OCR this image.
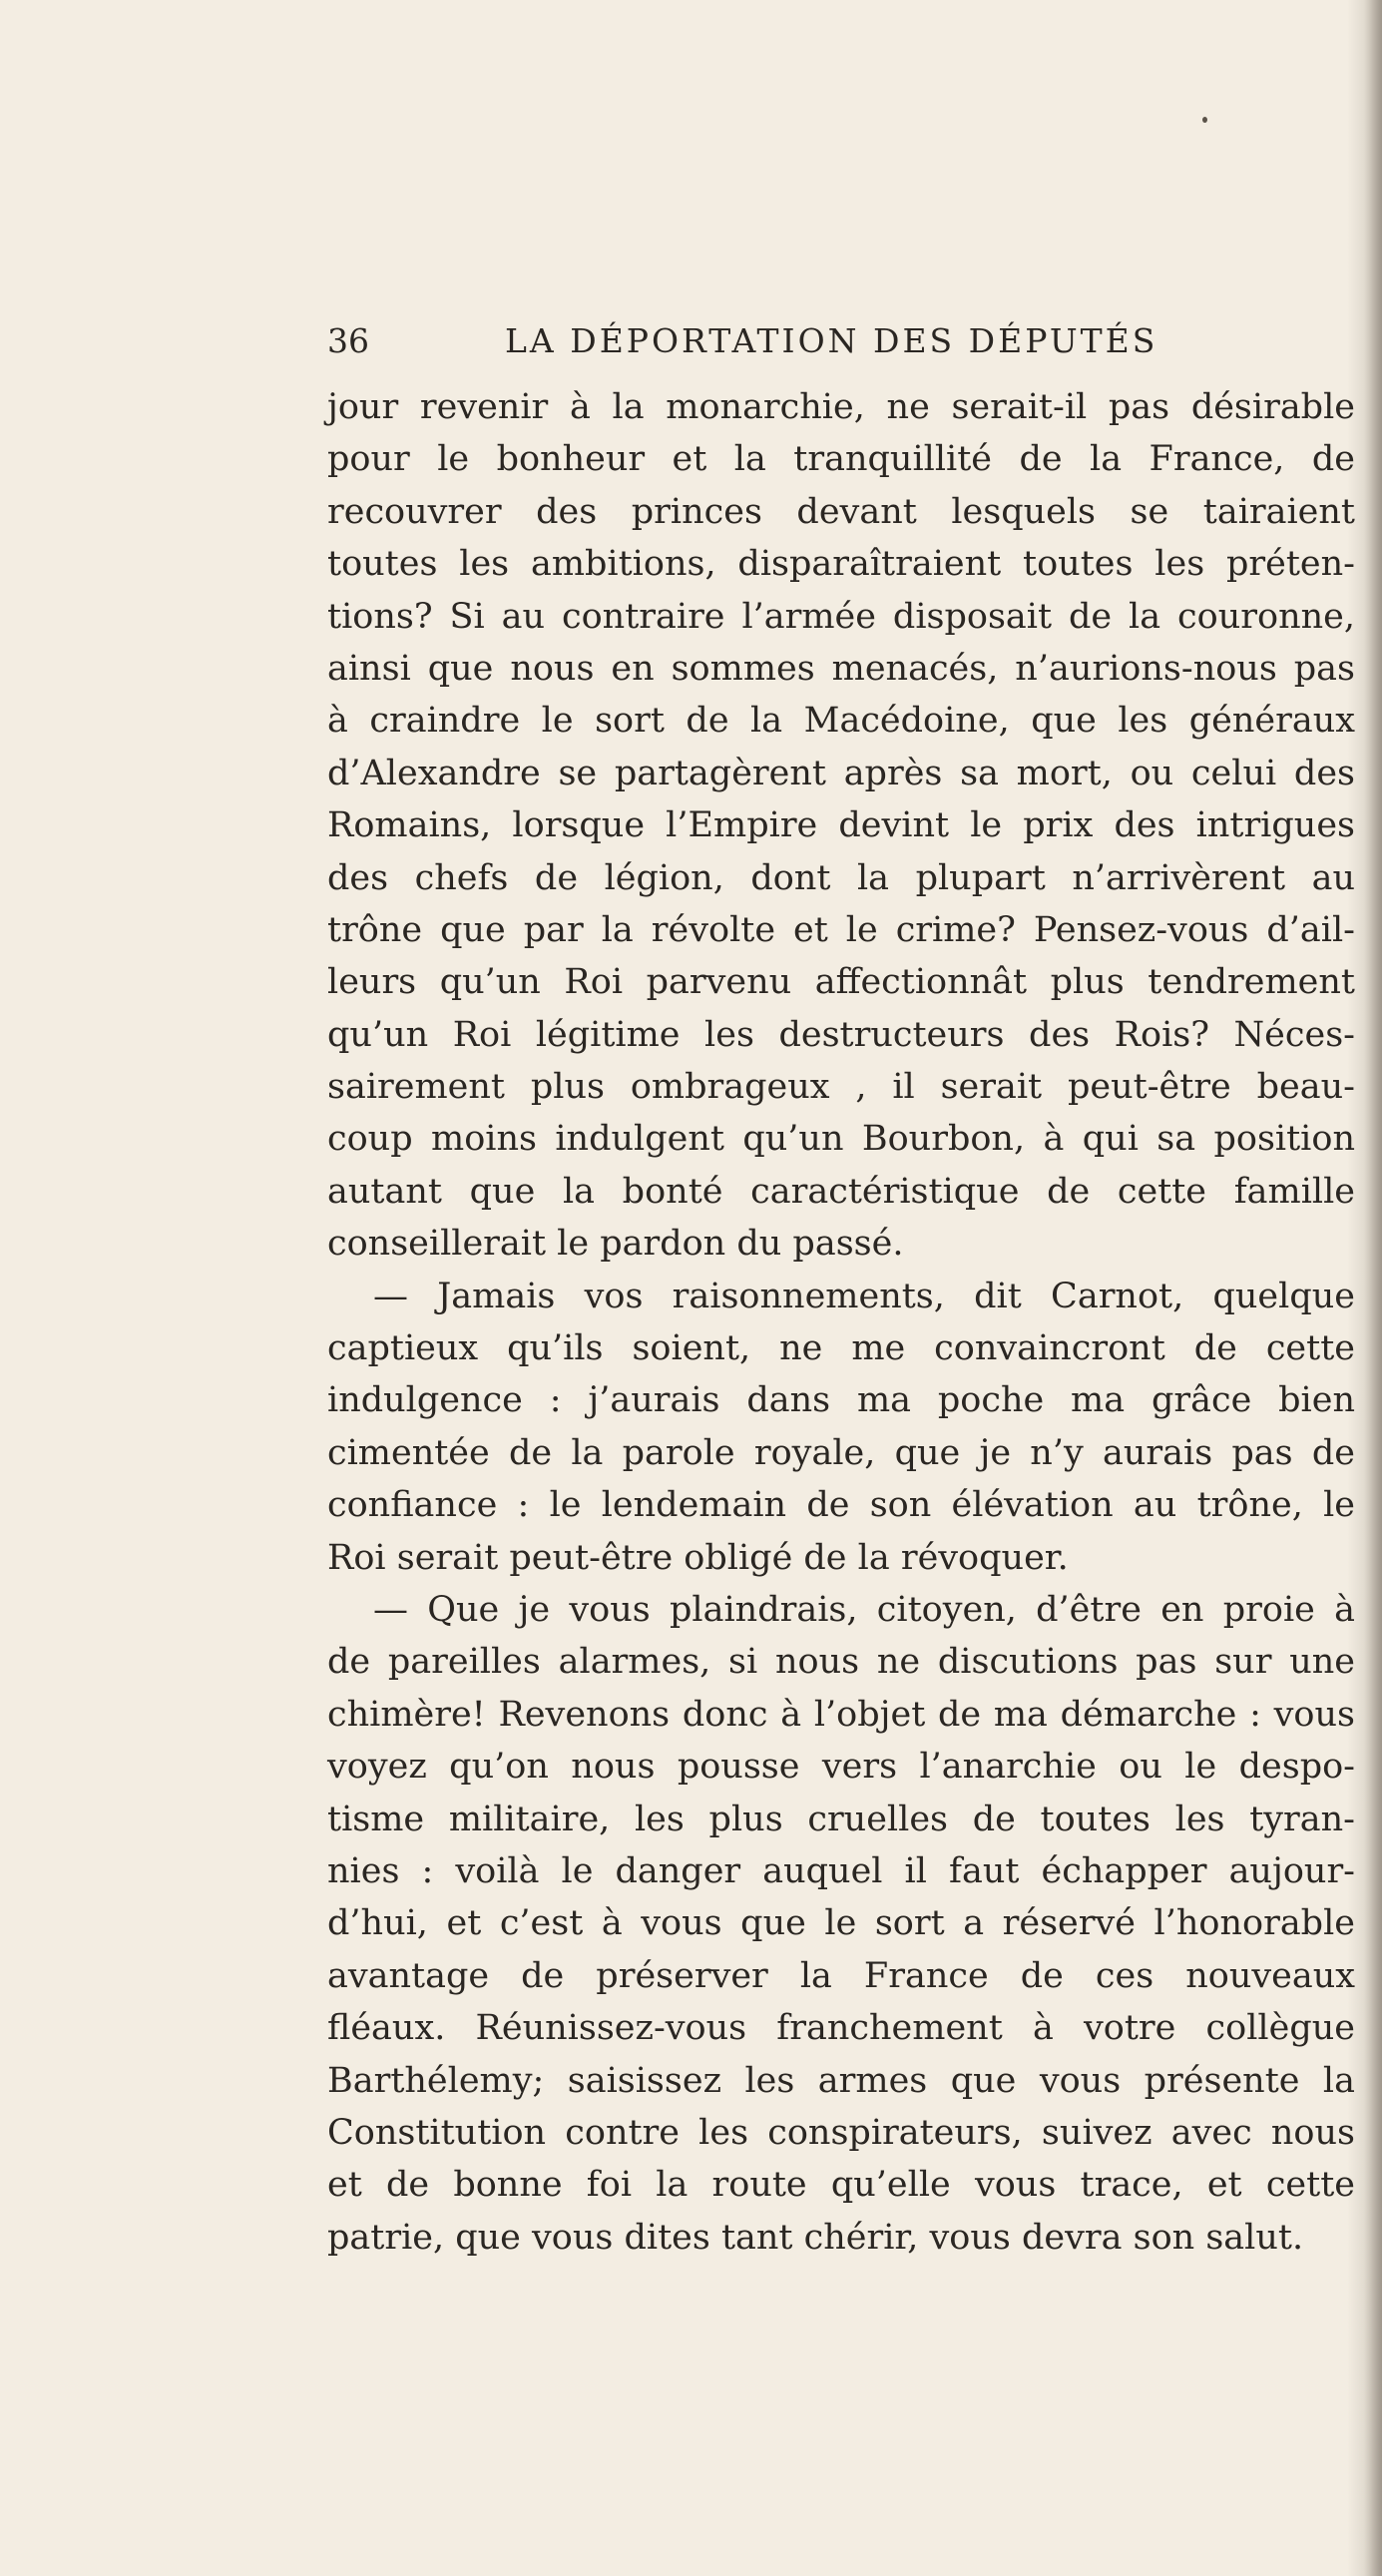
36	LA DÉPORTATION DES DÉPUTÉS
jour revenir à la monarchie, ne serait-il pas désirable
pour le bonheur et la tranquillité de la France, de
recouvrer des princes devant lesquels se tairaient
toutes les ambitions, disparaîtraient toutes les préten-
tions? Si au contraire l’armée disposait de la couronne,
ainsi que nous en sommes menacés, n’aurions-nous pas
à craindre le sort de la Macédoine, que les généraux
d’Alexandre se partagèrent après sa mort, ou celui des
Romains, lorsque l’Empire devint le prix des intrigues
des chefs de légion, dont la plupart n’arrivèrent au
trône que par la révolte et le crime? Pensez-vous d’ail-
leurs qu’un Roi parvenu affectionnât plus tendrement
qu’un Roi légitime les destructeurs des Rois? Néces-
sairement plus ombrageux , il serait peut-être beau-
coup moins indulgent qu’un Bourbon, à qui sa position
autant que la bonté caractéristique de cette famille
conseillerait le pardon du passé.
— Jamais vos raisonnements, dit Carnot, quelque
captieux qu’ils soient, ne me convaincront de cette
indulgence : j’aurais dans ma poche ma grâce bien
cimentée de la parole royale, que je n’y aurais pas de
confiance : le lendemain de son élévation au trône, le
Roi serait peut-être obligé de la révoquer.
— Que je vous plaindrais, citoyen, d’être en proie à
de pareilles alarmes, si nous ne discutions pas sur une
chimère! Revenons donc à l’objet de ma démarche : vous
voyez qu’on nous pousse vers l’anarchie ou le despo-
tisme militaire, les plus cruelles de toutes les tyran-
nies : voilà le danger auquel il faut échapper aujour-
d’hui, et c’est à vous que le sort a réservé l’honorable
avantage de préserver la France de ces nouveaux
fléaux. Réunissez-vous franchement à votre collègue
Barthélemy; saisissez les armes que vous présente la
Constitution contre les conspirateurs, suivez avec nous
et de bonne foi la route qu’elle vous trace, et cette
patrie, que vous dites tant chérir, vous devra son salut.
